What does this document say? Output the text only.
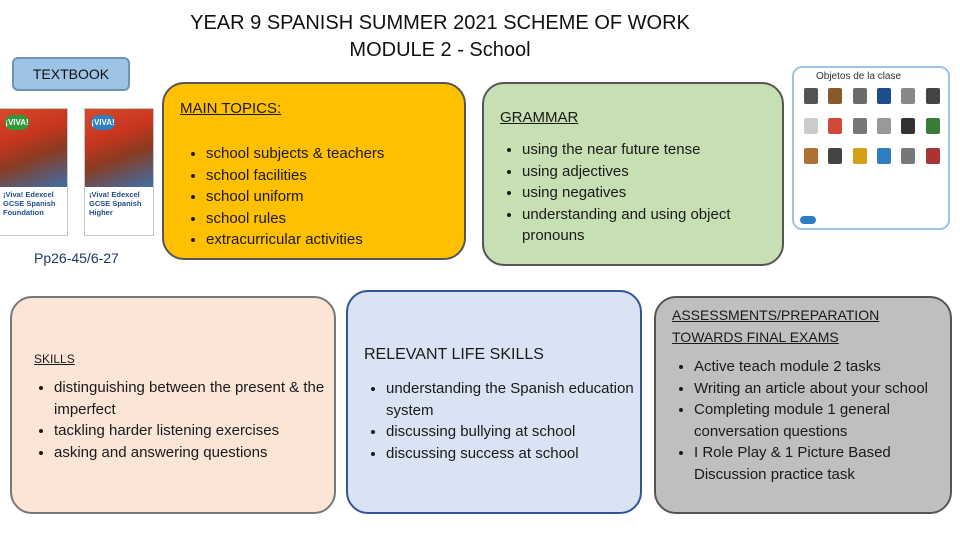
YEAR 9 SPANISH SUMMER 2021 SCHEME OF WORK
MODULE 2 - School
TEXTBOOK
¡VIVA!
¡Viva! Edexcel GCSE Spanish Foundation
¡VIVA!
¡Viva! Edexcel GCSE Spanish Higher
Pp26-45/6-27
MAIN TOPICS:
• school subjects & teachers
• school facilities
• school uniform
• school rules
• extracurricular activities
GRAMMAR
• using the near future tense
• using adjectives
• using negatives
• understanding and using object pronouns
Objetos de la clase
SKILLS
• distinguishing between the present & the imperfect
• tackling harder listening exercises
• asking and answering questions
RELEVANT LIFE SKILLS
• understanding the Spanish education system
• discussing bullying at school
• discussing success at school
ASSESSMENTS/PREPARATION TOWARDS FINAL EXAMS
• Active teach module 2 tasks
• Writing an article about your school
• Completing module 1 general conversation questions
• I Role Play & 1 Picture Based Discussion practice task
